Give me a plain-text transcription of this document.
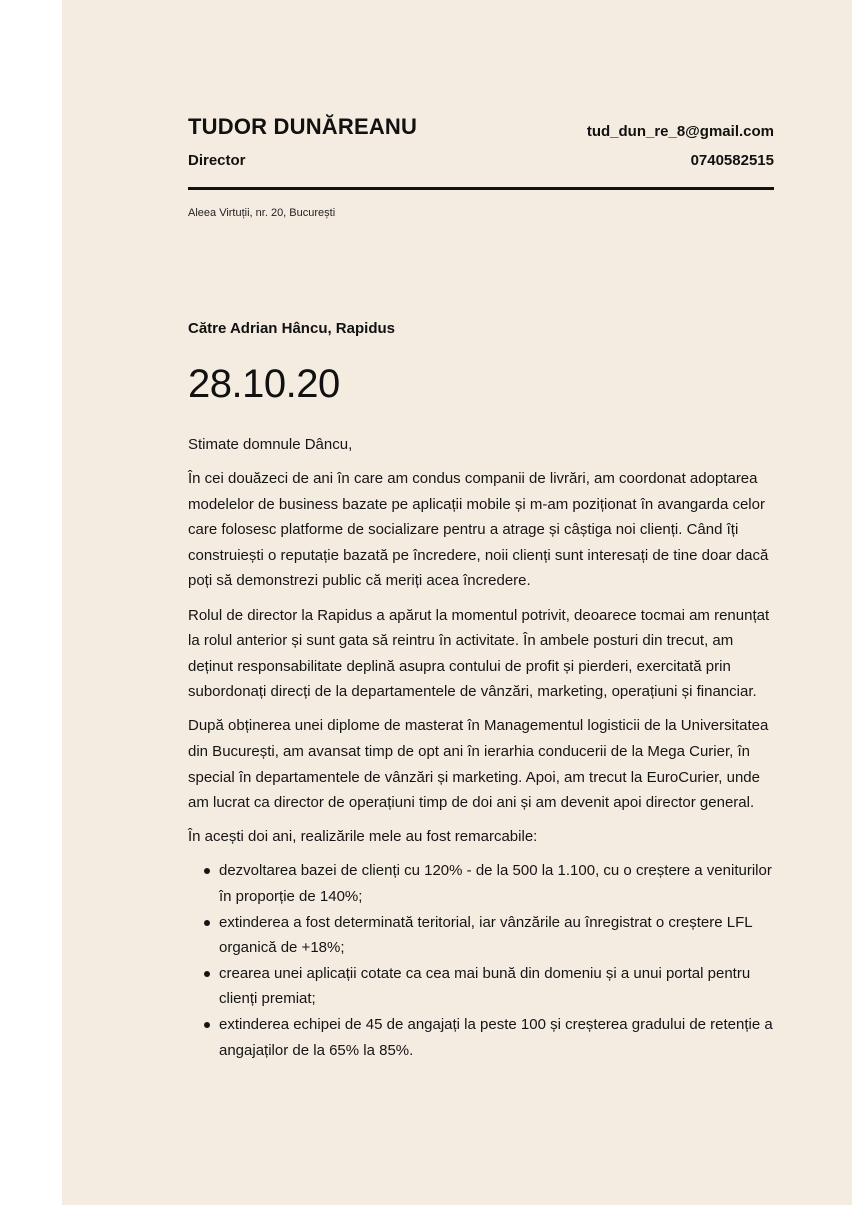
TUDOR DUNĂREANU
Director
tud_dun_re_8@gmail.com
0740582515
Aleea Virtuții, nr. 20, București
Către Adrian Hâncu, Rapidus
28.10.20

Stimate domnule Dâncu,

În cei douăzeci de ani în care am condus companii de livrări, am coordonat adoptarea modelelor de business bazate pe aplicații mobile și m-am poziționat în avangarda celor care folosesc platforme de socializare pentru a atrage și câștiga noi clienți. Când îți construiești o reputație bazată pe încredere, noii clienți sunt interesați de tine doar dacă poți să demonstrezi public că meriți acea încredere.

Rolul de director la Rapidus a apărut la momentul potrivit, deoarece tocmai am renunțat la rolul anterior și sunt gata să reintru în activitate. În ambele posturi din trecut, am deținut responsabilitate deplină asupra contului de profit și pierderi, exercitată prin subordonați direcți de la departamentele de vânzări, marketing, operațiuni și financiar.

După obținerea unei diplome de masterat în Managementul logisticii de la Universitatea din București, am avansat timp de opt ani în ierarhia conducerii de la Mega Curier, în special în departamentele de vânzări și marketing. Apoi, am trecut la EuroCurier, unde am lucrat ca director de operațiuni timp de doi ani și am devenit apoi director general.

În acești doi ani, realizările mele au fost remarcabile:

dezvoltarea bazei de clienți cu 120% - de la 500 la 1.100, cu o creștere a veniturilor în proporție de 140%;
extinderea a fost determinată teritorial, iar vânzările au înregistrat o creștere LFL organică de +18%;
crearea unei aplicații cotate ca cea mai bună din domeniu și a unui portal pentru clienți premiat;
extinderea echipei de 45 de angajați la peste 100 și creșterea gradului de retenție a angajaților de la 65% la 85%.
